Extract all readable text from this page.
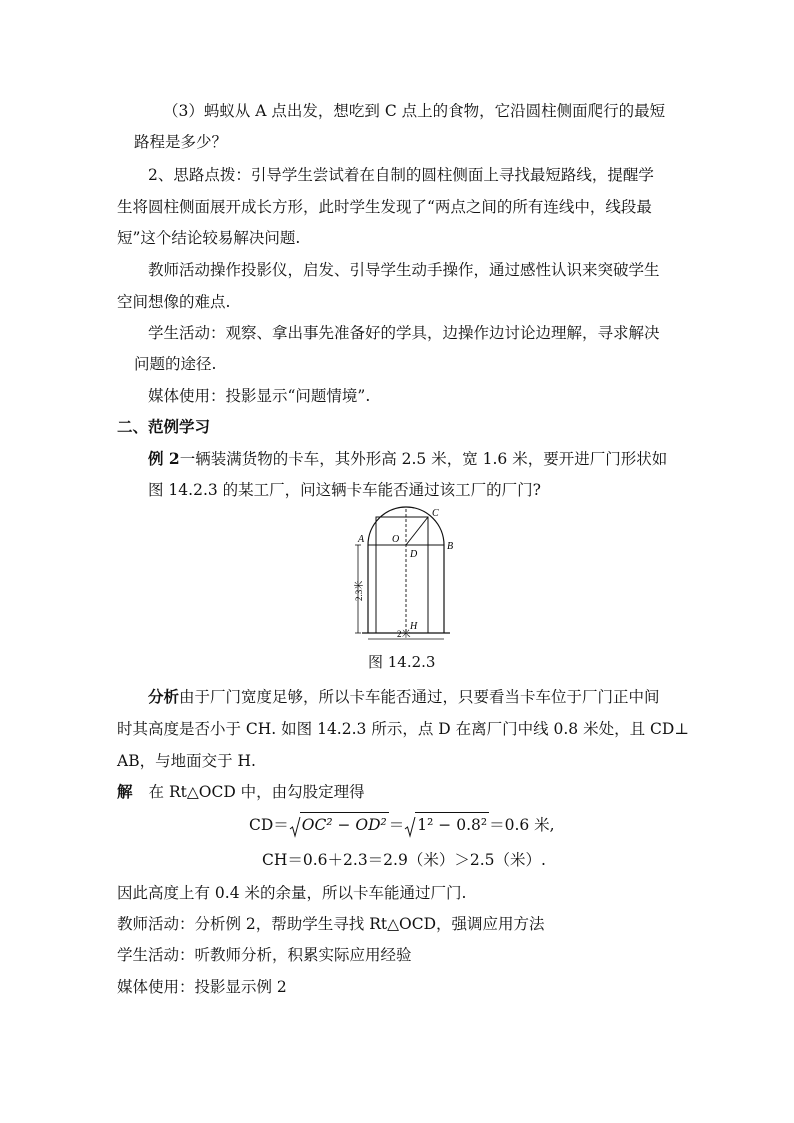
（3）蚂蚁从 A 点出发，想吃到 C 点上的食物，它沿圆柱侧面爬行的最短
路程是多少？
2、思路点拨：引导学生尝试着在自制的圆柱侧面上寻找最短路线，提醒学
生将圆柱侧面展开成长方形，此时学生发现了“两点之间的所有连线中，线段最
短”这个结论较易解决问题.
教师活动操作投影仪，启发、引导学生动手操作，通过感性认识来突破学生
空间想像的难点.
学生活动：观察、拿出事先准备好的学具，边操作边讨论边理解，寻求解决
问题的途径.
媒体使用：投影显示“问题情境”.
二、范例学习
例 2一辆装满货物的卡车，其外形高 2.5 米，宽 1.6 米，要开进厂门形状如
图 14.2.3 的某工厂，问这辆卡车能否通过该工厂的厂门?
A
B
C
O
D
H
2.3米
2米
图 14.2.3
分析由于厂门宽度足够，所以卡车能否通过，只要看当卡车位于厂门正中间
时其高度是否小于 CH. 如图 14.2.3 所示，点 D 在离厂门中线 0.8 米处，且 CD⊥
AB，与地面交于 H.
解 在 Rt△OCD 中，由勾股定理得
CD＝ OC² − OD² ＝ 1² − 0.8² ＝0.6 米,
CH＝0.6＋2.3＝2.9（米）＞2.5（米）.
因此高度上有 0.4 米的余量，所以卡车能通过厂门.
教师活动：分析例 2，帮助学生寻找 Rt△OCD，强调应用方法
学生活动：听教师分析，积累实际应用经验
媒体使用：投影显示例 2
